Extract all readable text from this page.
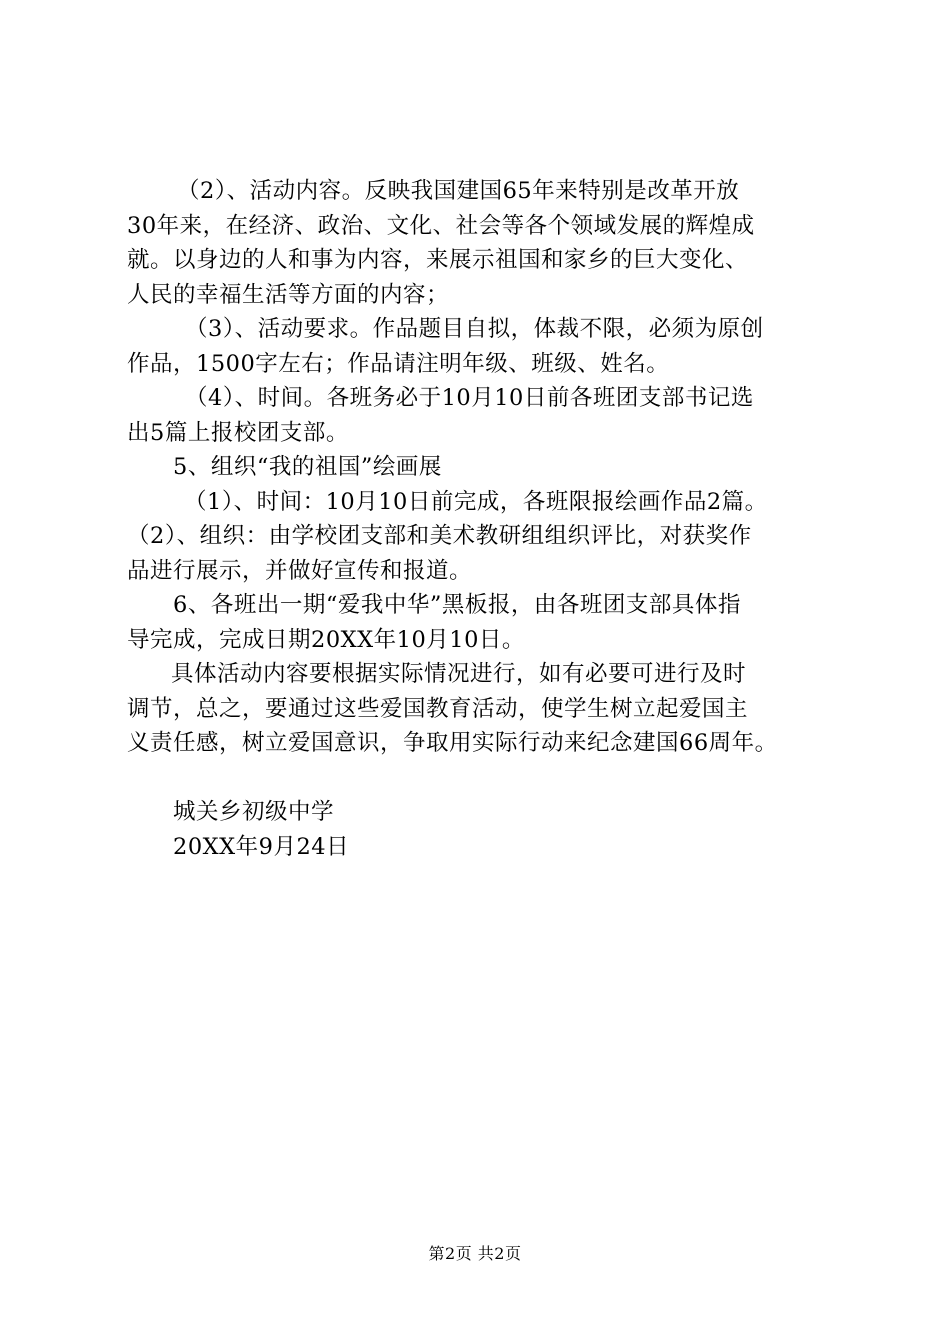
（2）、活动内容。反映我国建国65年来特别是改革开放
30年来，在经济、政治、文化、社会等各个领域发展的辉煌成
就。以身边的人和事为内容，来展示祖国和家乡的巨大变化、
人民的幸福生活等方面的内容；
（3）、活动要求。作品题目自拟，体裁不限，必须为原创
作品，1500字左右；作品请注明年级、班级、姓名。
（4）、时间。各班务必于10月10日前各班团支部书记选
出5篇上报校团支部。
5、组织“我的祖国”绘画展
（1）、时间：10月10日前完成，各班限报绘画作品2篇。
（2）、组织：由学校团支部和美术教研组组织评比，对获奖作
品进行展示，并做好宣传和报道。
6、各班出一期“爱我中华”黑板报，由各班团支部具体指
导完成，完成日期20XX年10月10日。
具体活动内容要根据实际情况进行，如有必要可进行及时
调节，总之，要通过这些爱国教育活动，使学生树立起爱国主
义责任感，树立爱国意识，争取用实际行动来纪念建国66周年。
城关乡初级中学
20XX年9月24日
第2页 共2页
